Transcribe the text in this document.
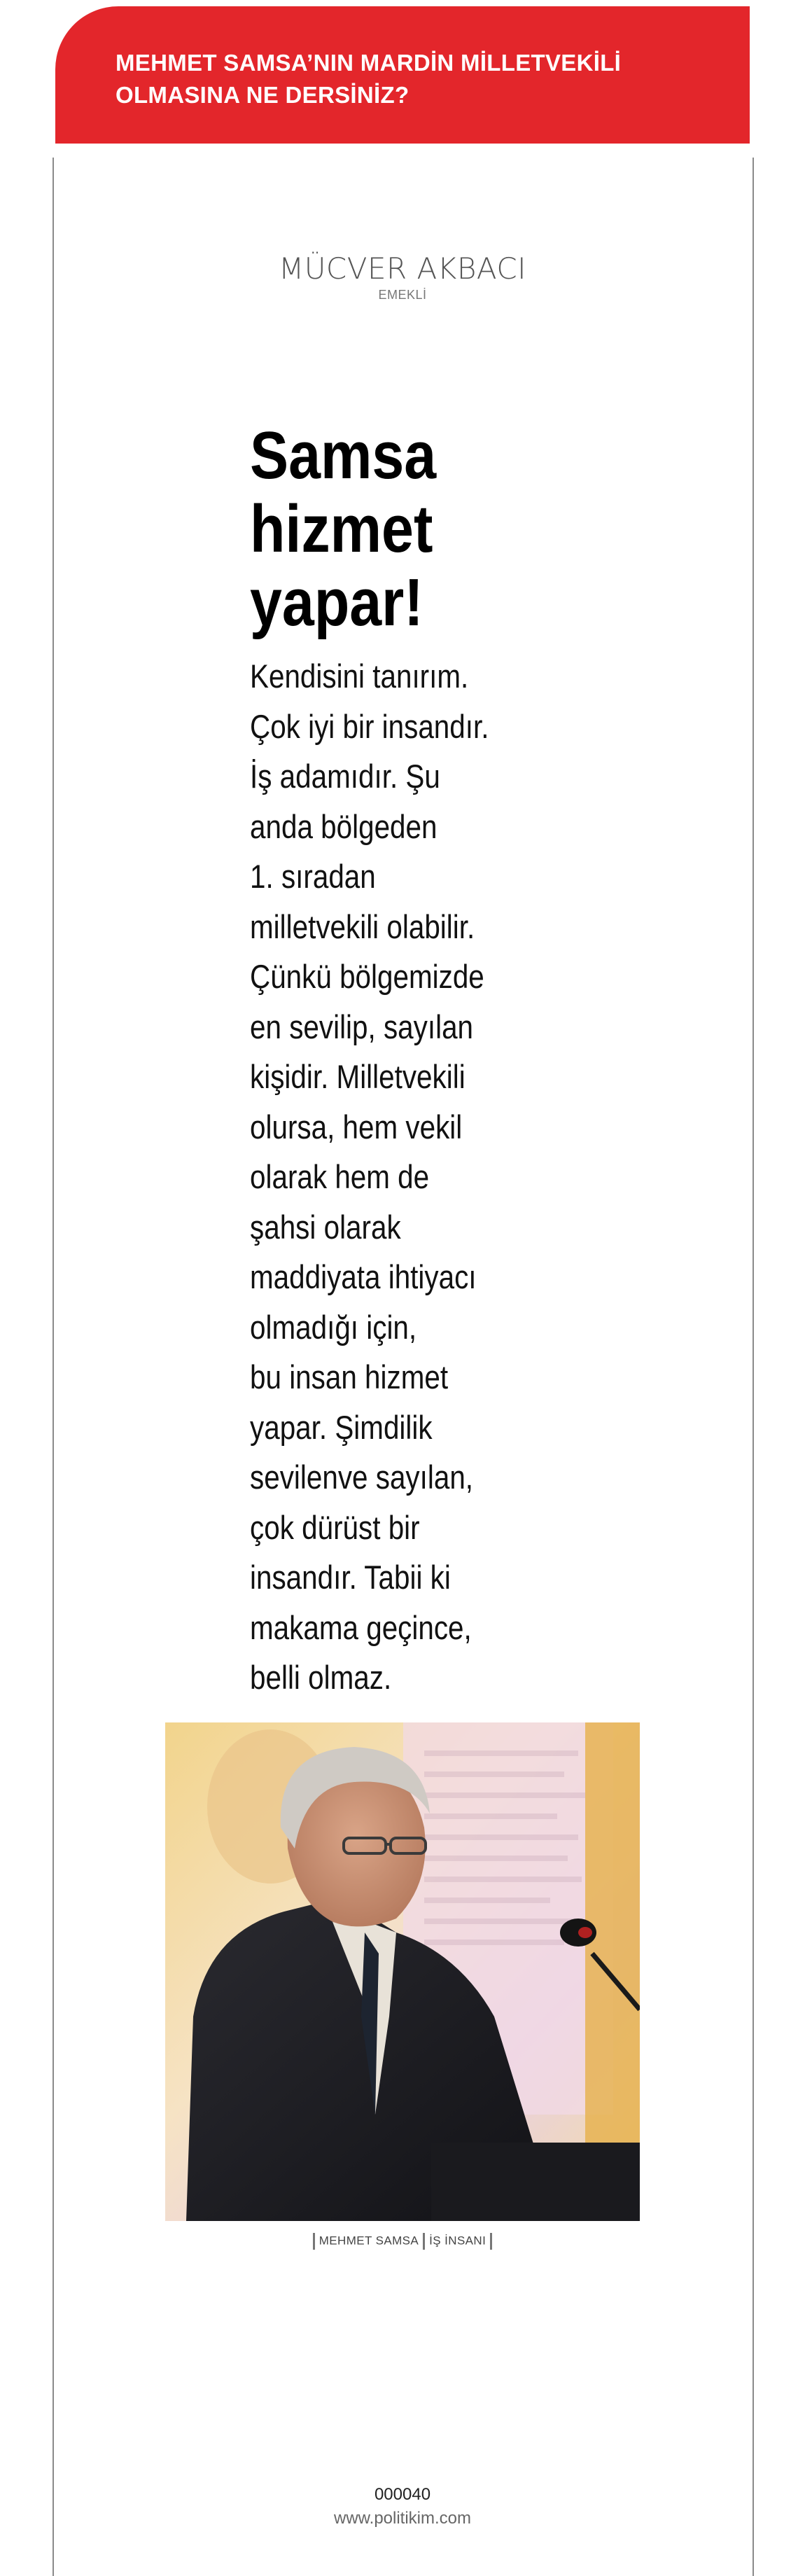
MEHMET SAMSA’NIN MARDİN MİLLETVEKİLİ
OLMASINA NE DERSİNİZ?
MÜCVER AKBACI
EMEKLİ
Samsa
hizmet
yapar!
Kendisini tanırım.
Çok iyi bir insandır.
İş adamıdır. Şu
anda bölgeden
1. sıradan
milletvekili olabilir.
Çünkü bölgemizde
en sevilip, sayılan
kişidir. Milletvekili
olursa, hem vekil
olarak hem de
şahsi olarak
maddiyata ihtiyacı
olmadığı için,
bu insan hizmet
yapar. Şimdilik
sevilenve sayılan,
çok dürüst bir
insandır. Tabii ki
makama geçince,
belli olmaz.
MEHMET SAMSA İŞ İNSANI
000040
www.politikim.com
